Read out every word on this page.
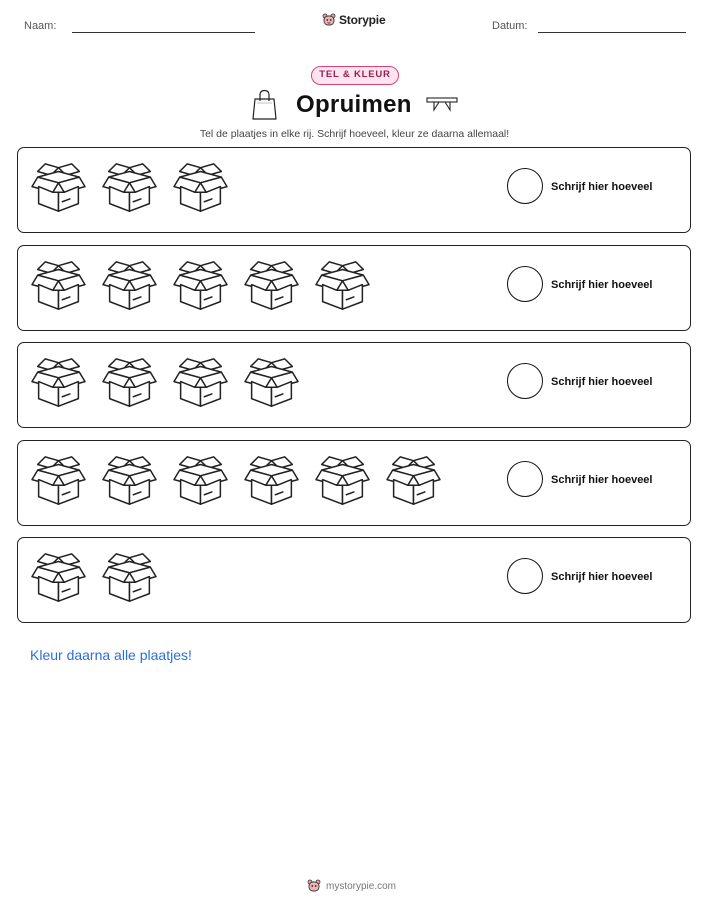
Naam:	Storypie	Datum:
TEL & KLEUR
Opruimen
Tel de plaatjes in elke rij. Schrijf hoeveel, kleur ze daarna allemaal!
Schrijf hier hoeveel
Schrijf hier hoeveel
Schrijf hier hoeveel
Schrijf hier hoeveel
Schrijf hier hoeveel
Kleur daarna alle plaatjes!
mystorypie.com
